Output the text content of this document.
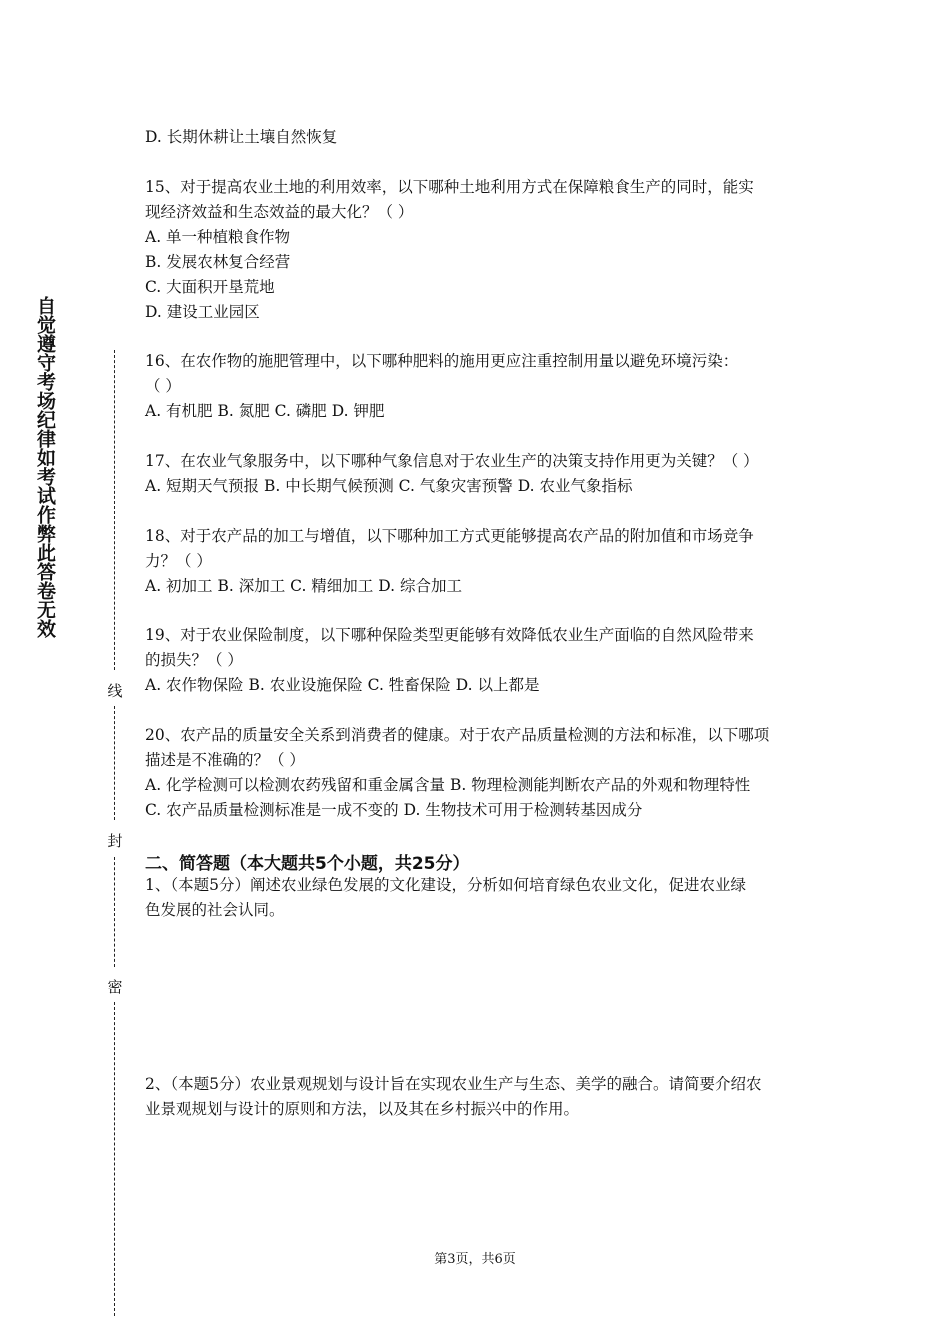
自觉遵守考场纪律如考试作弊此答卷无效
线
封
密
D. 长期休耕让土壤自然恢复
15、对于提高农业土地的利用效率，以下哪种土地利用方式在保障粮食生产的同时，能实
现经济效益和生态效益的最大化？（ ）
A. 单一种植粮食作物
B. 发展农林复合经营
C. 大面积开垦荒地
D. 建设工业园区
16、在农作物的施肥管理中，以下哪种肥料的施用更应注重控制用量以避免环境污染：
（ ）
A. 有机肥 B. 氮肥 C. 磷肥 D. 钾肥
17、在农业气象服务中，以下哪种气象信息对于农业生产的决策支持作用更为关键？（ ）
A. 短期天气预报 B. 中长期气候预测 C. 气象灾害预警 D. 农业气象指标
18、对于农产品的加工与增值，以下哪种加工方式更能够提高农产品的附加值和市场竞争
力？（ ）
A. 初加工 B. 深加工 C. 精细加工 D. 综合加工
19、对于农业保险制度，以下哪种保险类型更能够有效降低农业生产面临的自然风险带来
的损失？（ ）
A. 农作物保险 B. 农业设施保险 C. 牲畜保险 D. 以上都是
20、农产品的质量安全关系到消费者的健康。对于农产品质量检测的方法和标准，以下哪项
描述是不准确的？（ ）
A. 化学检测可以检测农药残留和重金属含量 B. 物理检测能判断农产品的外观和物理特性
C. 农产品质量检测标准是一成不变的 D. 生物技术可用于检测转基因成分
二、简答题（本大题共5个小题，共25分）
1、（本题5分）阐述农业绿色发展的文化建设，分析如何培育绿色农业文化，促进农业绿
色发展的社会认同。
2、（本题5分）农业景观规划与设计旨在实现农业生产与生态、美学的融合。请简要介绍农
业景观规划与设计的原则和方法，以及其在乡村振兴中的作用。
第3页，共6页
